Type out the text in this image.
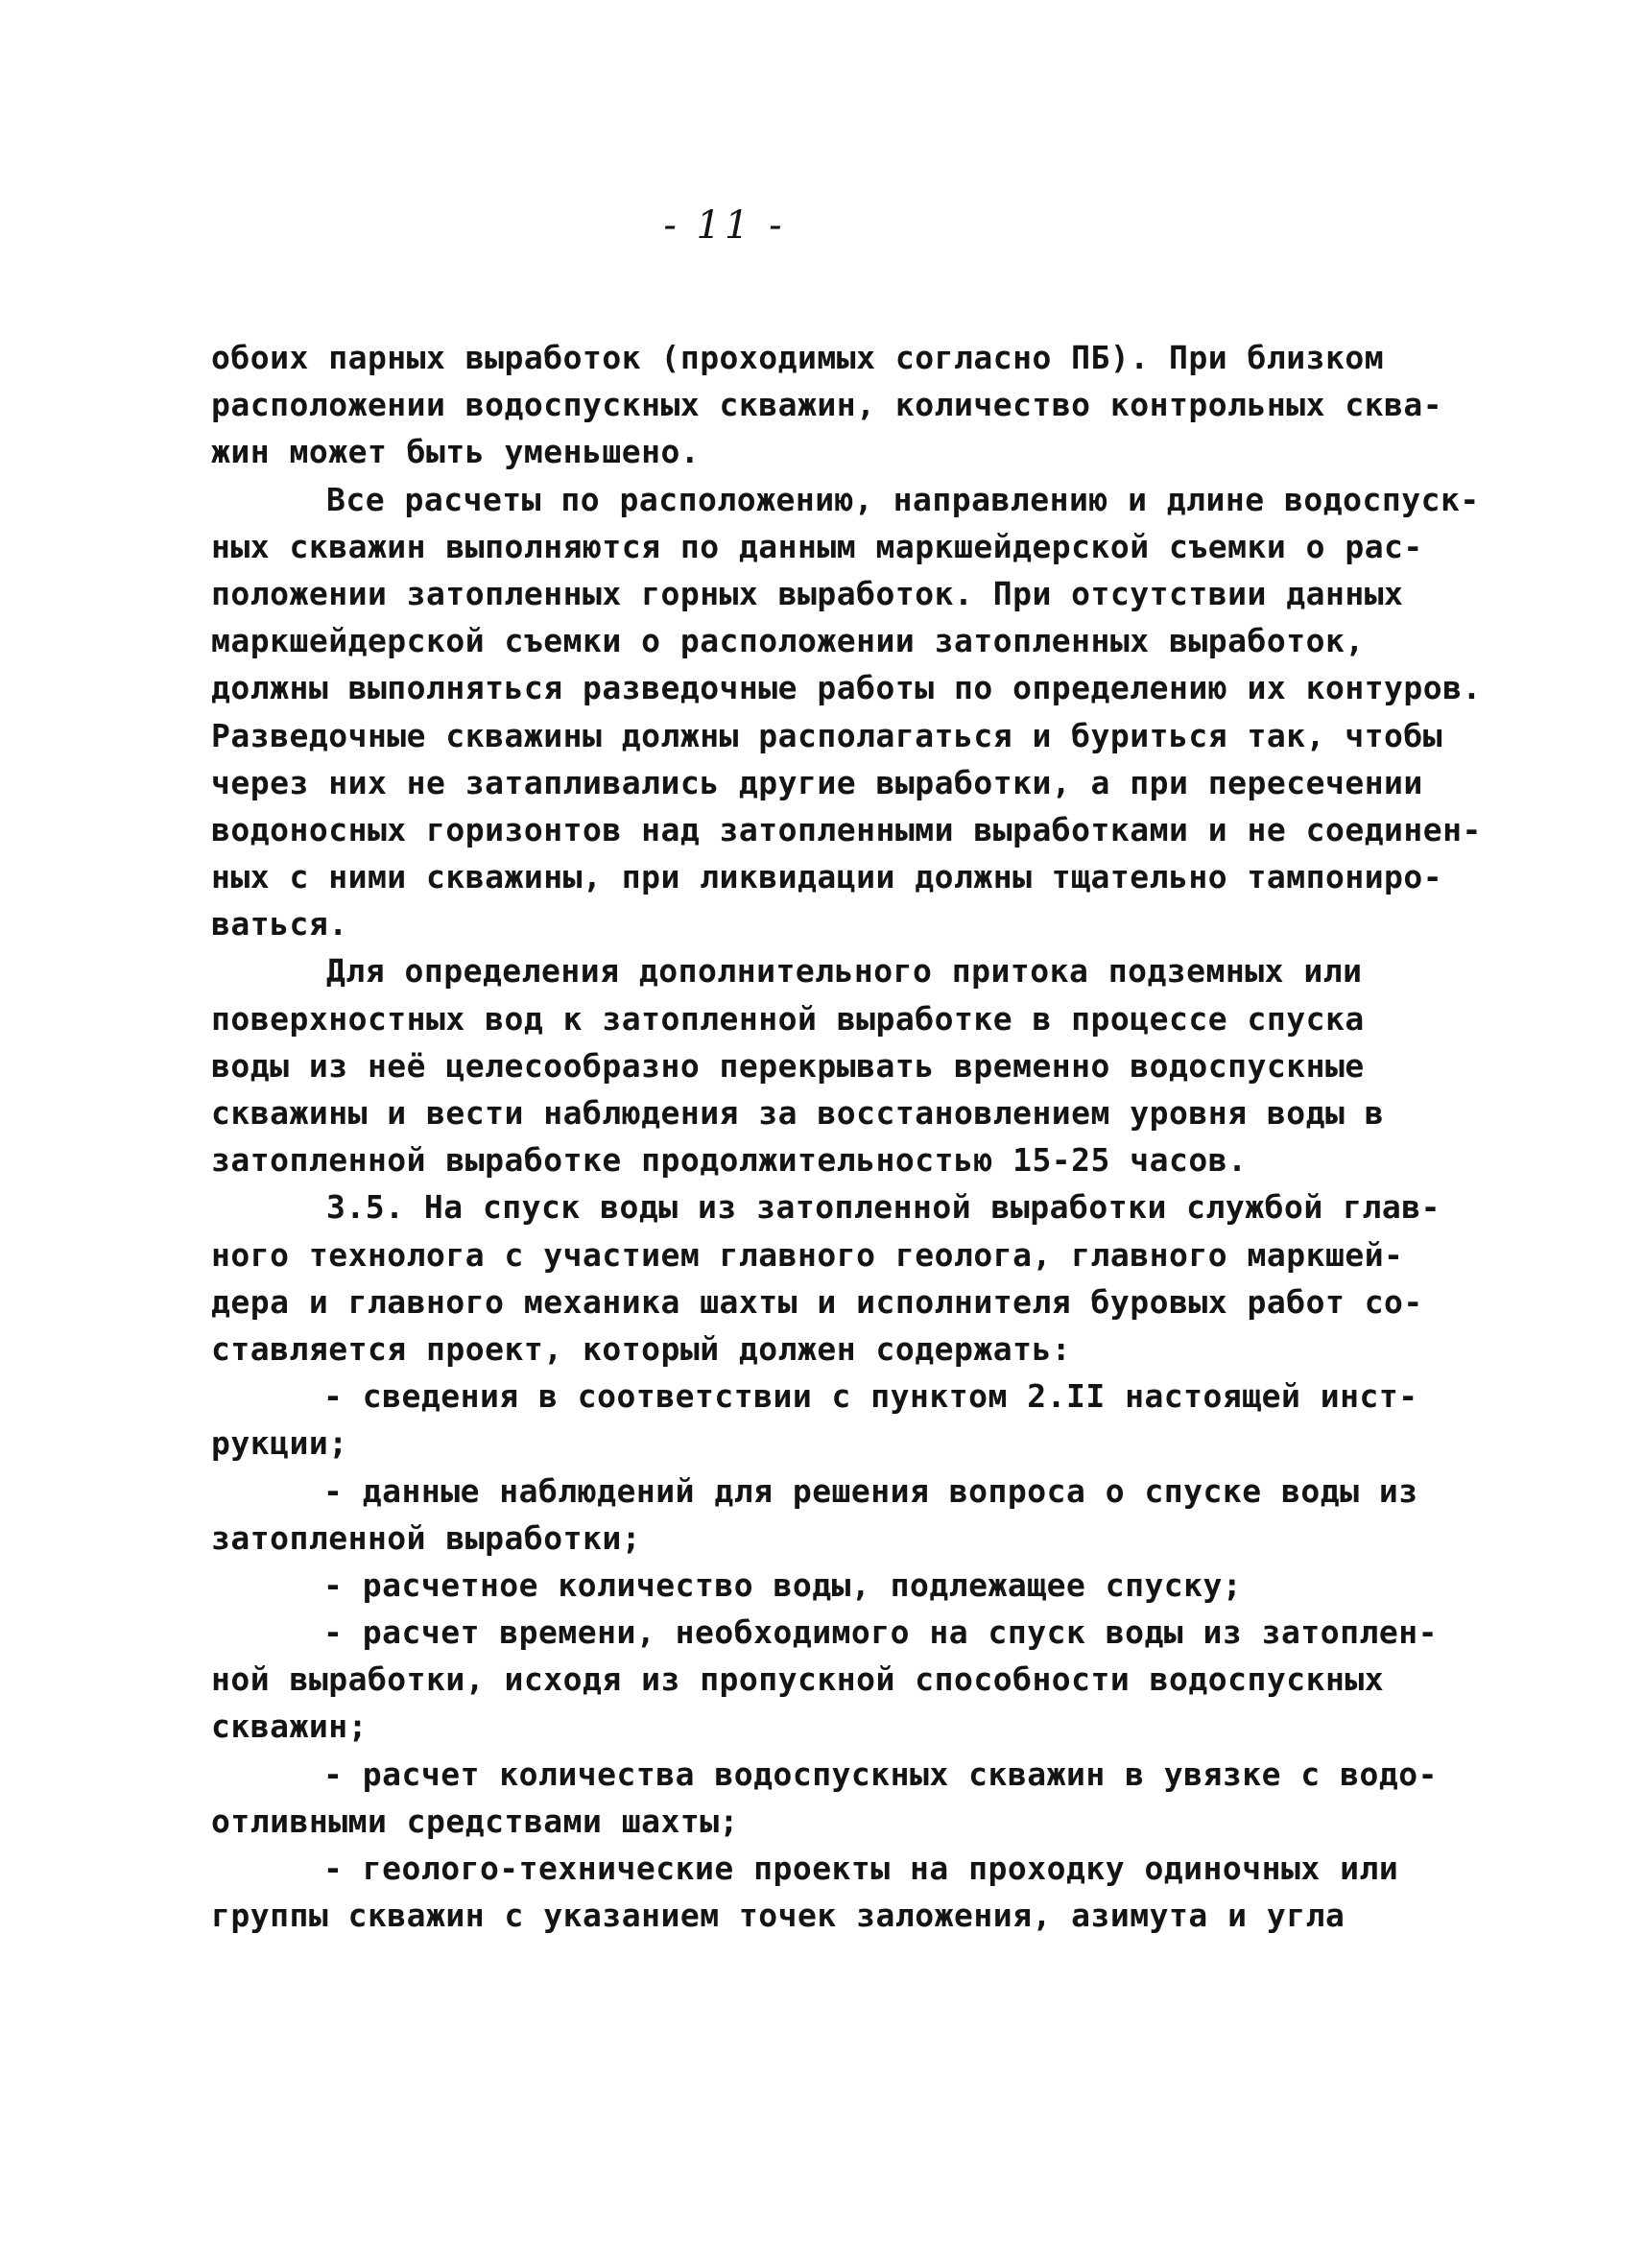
- 11 -
обоих парных выработок (проходимых согласно ПБ). При близком
расположении водоспускных скважин, количество контрольных сква-
жин может быть уменьшено.
Все расчеты по расположению, направлению и длине водоспуск-
ных скважин выполняются по данным маркшейдерской съемки о рас-
положении затопленных горных выработок. При отсутствии данных
маркшейдерской съемки о расположении затопленных выработок,
должны выполняться разведочные работы по определению их контуров.
Разведочные скважины должны располагаться и буриться так, чтобы
через них не затапливались другие выработки, а при пересечении
водоносных горизонтов над затопленными выработками и не соединен-
ных с ними скважины, при ликвидации должны тщательно тампониро-
ваться.
Для определения дополнительного притока подземных или
поверхностных вод к затопленной выработке в процессе спуска
воды из неё целесообразно перекрывать временно водоспускные
скважины и вести наблюдения за восстановлением уровня воды в
затопленной выработке продолжительностью 15-25 часов.
3.5. На спуск воды из затопленной выработки службой глав-
ного технолога с участием главного геолога, главного маркшей-
дера и главного механика шахты и исполнителя буровых работ со-
ставляется проект, который должен содержать:
- сведения в соответствии с пунктом 2.II настоящей инст-
рукции;
- данные наблюдений для решения вопроса о спуске воды из
затопленной выработки;
- расчетное количество воды, подлежащее спуску;
- расчет времени, необходимого на спуск воды из затоплен-
ной выработки, исходя из пропускной способности водоспускных
скважин;
- расчет количества водоспускных скважин в увязке с водо-
отливными средствами шахты;
- геолого-технические проекты на проходку одиночных или
группы скважин с указанием точек заложения, азимута и угла
